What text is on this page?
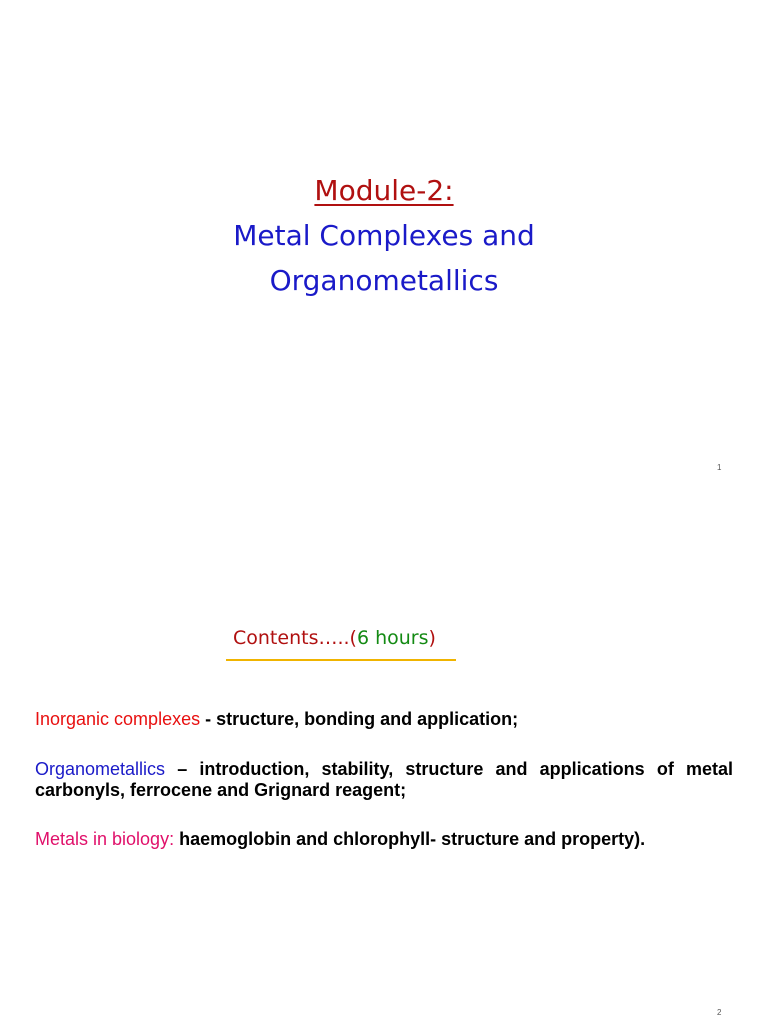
Module-2:
Metal Complexes and
Organometallics
1
Contents…..(6 hours)

Inorganic complexes - structure, bonding and application;

Organometallics – introduction, stability, structure and applications of metal carbonyls, ferrocene and Grignard reagent;

Metals in biology: haemoglobin and chlorophyll- structure and property).

2
